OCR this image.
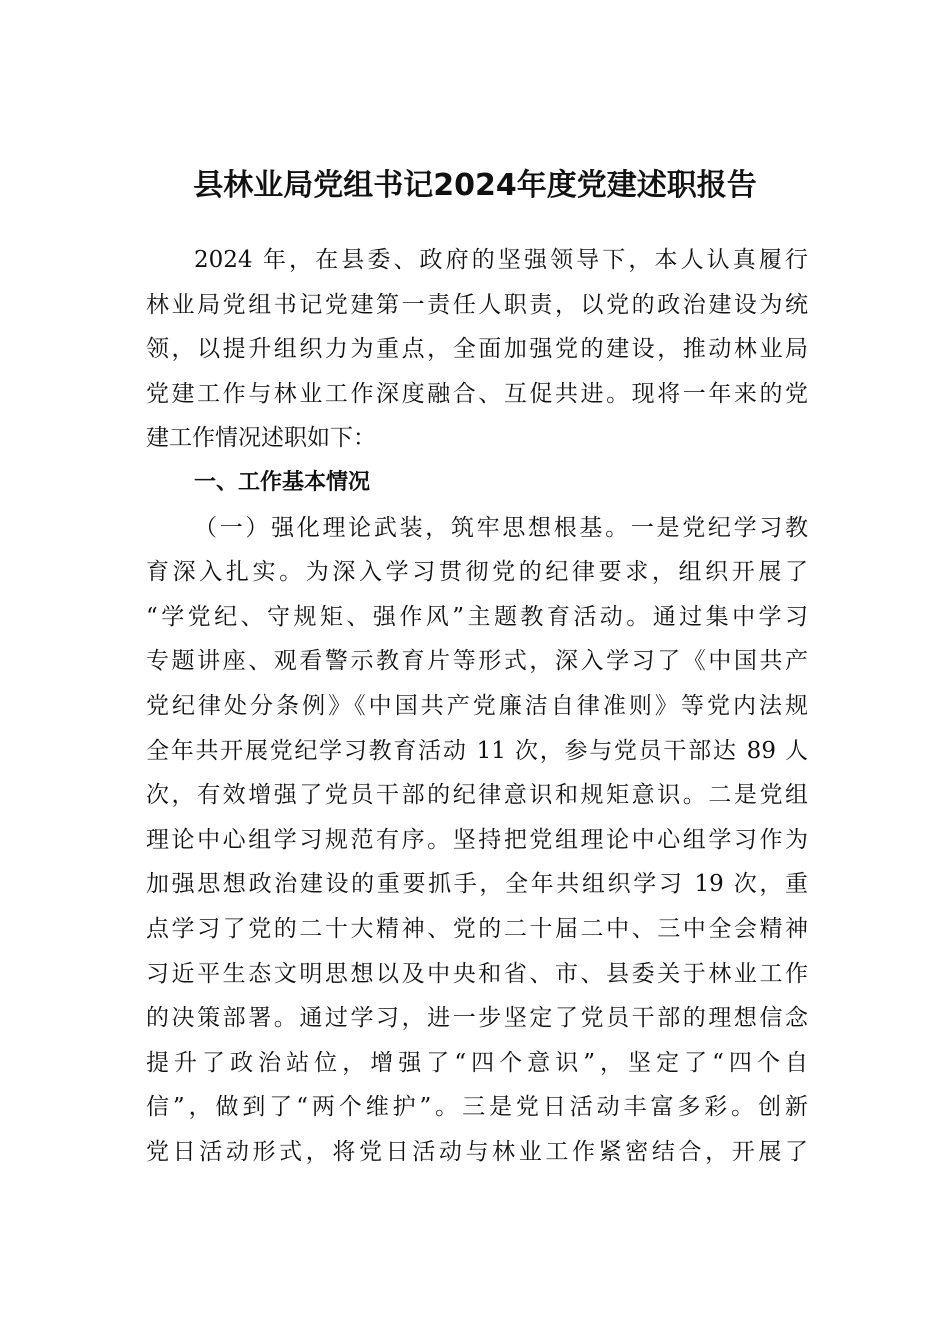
县林业局党组书记2024年度党建述职报告
2024 年，在县委、政府的坚强领导下，本人认真履行
林业局党组书记党建第一责任人职责，以党的政治建设为统
领，以提升组织力为重点，全面加强党的建设，推动林业局
党建工作与林业工作深度融合、互促共进。现将一年来的党
建工作情况述职如下：
一、工作基本情况
（一）强化理论武装，筑牢思想根基。一是党纪学习教
育深入扎实。为深入学习贯彻党的纪律要求，组织开展了
“学党纪、守规矩、强作风”主题教育活动。通过集中学习
专题讲座、观看警示教育片等形式，深入学习了《中国共产
党纪律处分条例》《中国共产党廉洁自律准则》等党内法规
全年共开展党纪学习教育活动 11 次，参与党员干部达 89 人
次，有效增强了党员干部的纪律意识和规矩意识。二是党组
理论中心组学习规范有序。坚持把党组理论中心组学习作为
加强思想政治建设的重要抓手，全年共组织学习 19 次，重
点学习了党的二十大精神、党的二十届二中、三中全会精神
习近平生态文明思想以及中央和省、市、县委关于林业工作
的决策部署。通过学习，进一步坚定了党员干部的理想信念
提升了政治站位，增强了“四个意识”，坚定了“四个自
信”，做到了“两个维护”。三是党日活动丰富多彩。创新
党日活动形式，将党日活动与林业工作紧密结合，开展了
